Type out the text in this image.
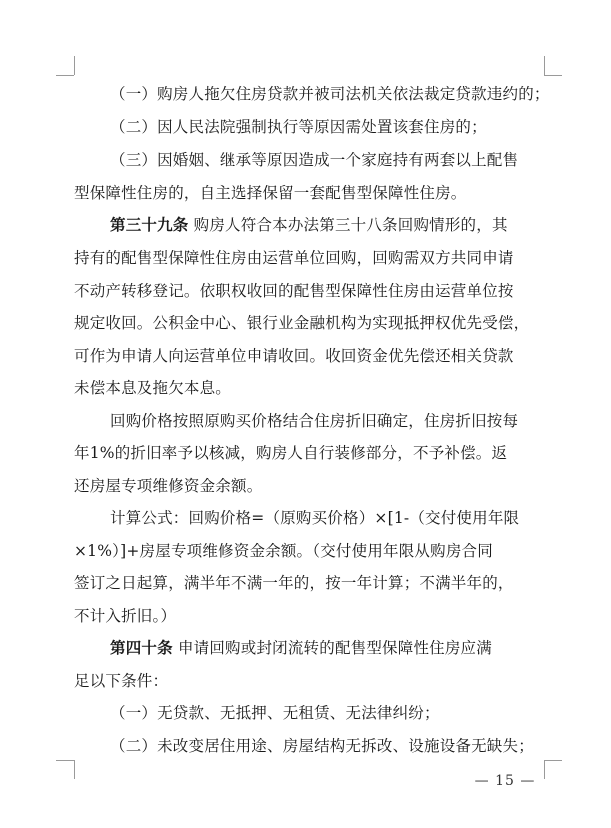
（一）购房人拖欠住房贷款并被司法机关依法裁定贷款违约的；
（二）因人民法院强制执行等原因需处置该套住房的；
（三）因婚姻、继承等原因造成一个家庭持有两套以上配售
型保障性住房的，自主选择保留一套配售型保障性住房。
第三十九条 购房人符合本办法第三十八条回购情形的，其
持有的配售型保障性住房由运营单位回购，回购需双方共同申请
不动产转移登记。依职权收回的配售型保障性住房由运营单位按
规定收回。公积金中心、银行业金融机构为实现抵押权优先受偿，
可作为申请人向运营单位申请收回。收回资金优先偿还相关贷款
未偿本息及拖欠本息。
回购价格按照原购买价格结合住房折旧确定，住房折旧按每
年1%的折旧率予以核减，购房人自行装修部分，不予补偿。返
还房屋专项维修资金余额。
计算公式：回购价格=（原购买价格）×[1-（交付使用年限
×1%）]+房屋专项维修资金余额。（交付使用年限从购房合同
签订之日起算，满半年不满一年的，按一年计算；不满半年的，
不计入折旧。）
第四十条 申请回购或封闭流转的配售型保障性住房应满
足以下条件：
（一）无贷款、无抵押、无租赁、无法律纠纷；
（二）未改变居住用途、房屋结构无拆改、设施设备无缺失；
— 15 —
